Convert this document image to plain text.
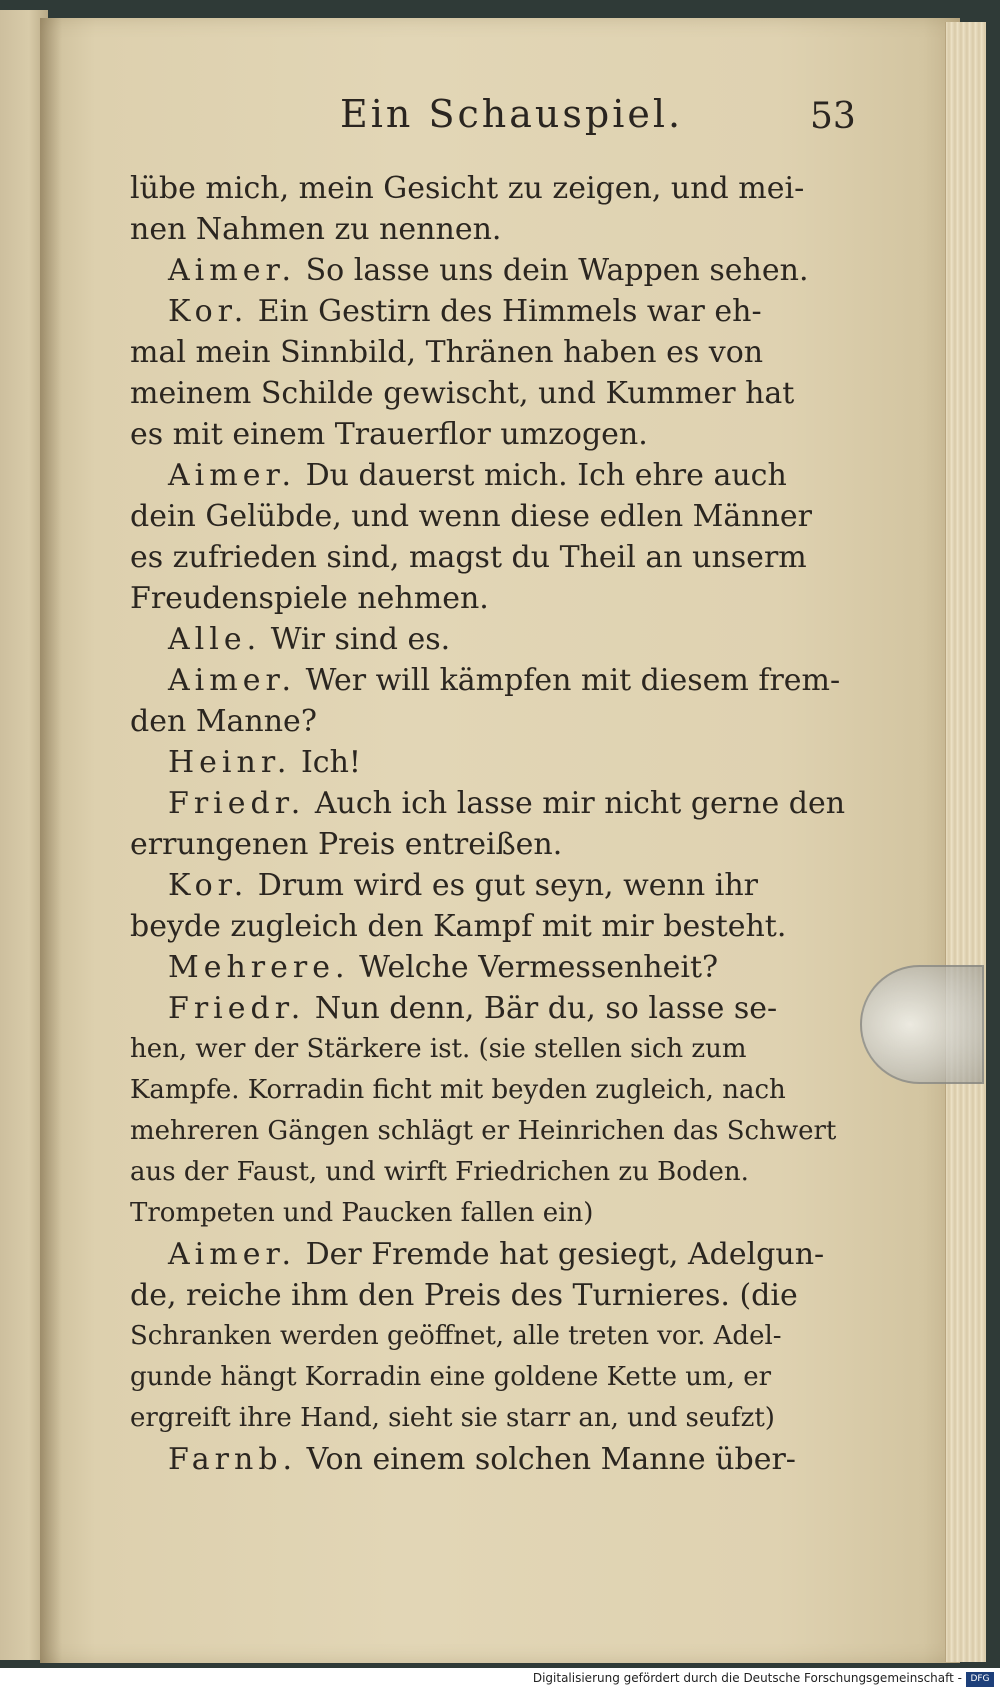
Ein Schauspiel.	53
lübe mich, mein Gesicht zu zeigen, und mei-
nen Nahmen zu nennen.
Aimer. So lasse uns dein Wappen sehen.
Kor. Ein Gestirn des Himmels war eh-
mal mein Sinnbild, Thränen haben es von
meinem Schilde gewischt, und Kummer hat
es mit einem Trauerflor umzogen.
Aimer. Du dauerst mich. Ich ehre auch
dein Gelübde, und wenn diese edlen Männer
es zufrieden sind, magst du Theil an unserm
Freudenspiele nehmen.
Alle. Wir sind es.
Aimer. Wer will kämpfen mit diesem frem-
den Manne?
Heinr. Ich!
Friedr. Auch ich lasse mir nicht gerne den
errungenen Preis entreißen.
Kor. Drum wird es gut seyn, wenn ihr
beyde zugleich den Kampf mit mir besteht.
Mehrere. Welche Vermessenheit?
Friedr. Nun denn, Bär du, so lasse se-
hen, wer der Stärkere ist. (sie stellen sich zum
Kampfe. Korradin ficht mit beyden zugleich, nach
mehreren Gängen schlägt er Heinrichen das Schwert
aus der Faust, und wirft Friedrichen zu Boden.
Trompeten und Paucken fallen ein)
Aimer. Der Fremde hat gesiegt, Adelgun-
de, reiche ihm den Preis des Turnieres. (die
Schranken werden geöffnet, alle treten vor. Adel-
gunde hängt Korradin eine goldene Kette um, er
ergreift ihre Hand, sieht sie starr an, und seufzt)
Farnb. Von einem solchen Manne über-
Digitalisierung gefördert durch die Deutsche Forschungsgemeinschaft - DFG
